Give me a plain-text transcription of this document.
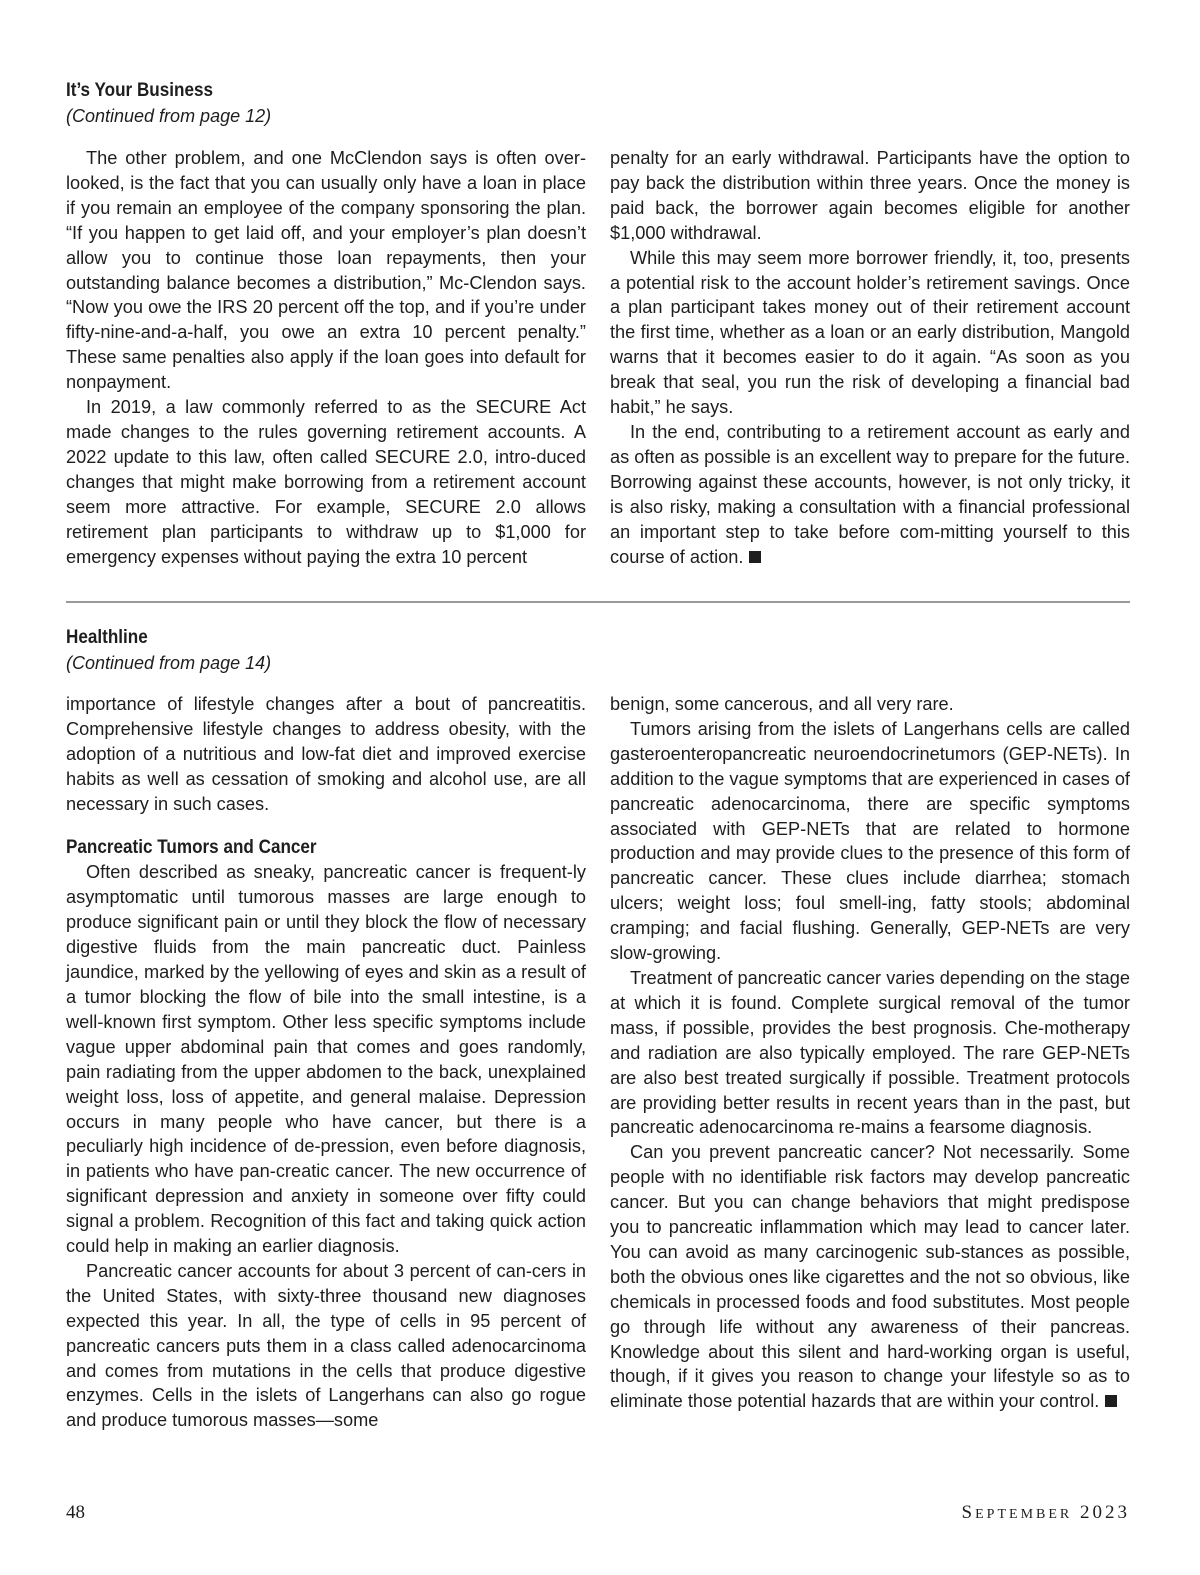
It’s Your Business
(Continued from page 12)

The other problem, and one McClendon says is often over-looked, is the fact that you can usually only have a loan in place if you remain an employee of the company sponsoring the plan. “If you happen to get laid off, and your employer’s plan doesn’t allow you to continue those loan repayments, then your outstanding balance becomes a distribution,” Mc-Clendon says. “Now you owe the IRS 20 percent off the top, and if you’re under fifty-nine-and-a-half, you owe an extra 10 percent penalty.” These same penalties also apply if the loan goes into default for nonpayment.

In 2019, a law commonly referred to as the SECURE Act made changes to the rules governing retirement accounts. A 2022 update to this law, often called SECURE 2.0, intro-duced changes that might make borrowing from a retirement account seem more attractive. For example, SECURE 2.0 allows retirement plan participants to withdraw up to $1,000 for emergency expenses without paying the extra 10 percent

penalty for an early withdrawal. Participants have the option to pay back the distribution within three years. Once the money is paid back, the borrower again becomes eligible for another $1,000 withdrawal.

While this may seem more borrower friendly, it, too, presents a potential risk to the account holder’s retirement savings. Once a plan participant takes money out of their retirement account the first time, whether as a loan or an early distribution, Mangold warns that it becomes easier to do it again. “As soon as you break that seal, you run the risk of developing a financial bad habit,” he says.

In the end, contributing to a retirement account as early and as often as possible is an excellent way to prepare for the future. Borrowing against these accounts, however, is not only tricky, it is also risky, making a consultation with a financial professional an important step to take before com-mitting yourself to this course of action.

Healthline
(Continued from page 14)

importance of lifestyle changes after a bout of pancreatitis. Comprehensive lifestyle changes to address obesity, with the adoption of a nutritious and low-fat diet and improved exercise habits as well as cessation of smoking and alcohol use, are all necessary in such cases.

Pancreatic Tumors and Cancer

Often described as sneaky, pancreatic cancer is frequent-ly asymptomatic until tumorous masses are large enough to produce significant pain or until they block the flow of necessary digestive fluids from the main pancreatic duct. Painless jaundice, marked by the yellowing of eyes and skin as a result of a tumor blocking the flow of bile into the small intestine, is a well-known first symptom. Other less specific symptoms include vague upper abdominal pain that comes and goes randomly, pain radiating from the upper abdomen to the back, unexplained weight loss, loss of appetite, and general malaise. Depression occurs in many people who have cancer, but there is a peculiarly high incidence of de-pression, even before diagnosis, in patients who have pan-creatic cancer. The new occurrence of significant depression and anxiety in someone over fifty could signal a problem. Recognition of this fact and taking quick action could help in making an earlier diagnosis.

Pancreatic cancer accounts for about 3 percent of can-cers in the United States, with sixty-three thousand new diagnoses expected this year. In all, the type of cells in 95 percent of pancreatic cancers puts them in a class called adenocarcinoma and comes from mutations in the cells that produce digestive enzymes. Cells in the islets of Langerhans can also go rogue and produce tumorous masses—some

benign, some cancerous, and all very rare.

Tumors arising from the islets of Langerhans cells are called gasteroenteropancreatic neuroendocrinetumors (GEP-NETs). In addition to the vague symptoms that are experienced in cases of pancreatic adenocarcinoma, there are specific symptoms associated with GEP-NETs that are related to hormone production and may provide clues to the presence of this form of pancreatic cancer. These clues include diarrhea; stomach ulcers; weight loss; foul smell-ing, fatty stools; abdominal cramping; and facial flushing. Generally, GEP-NETs are very slow-growing.

Treatment of pancreatic cancer varies depending on the stage at which it is found. Complete surgical removal of the tumor mass, if possible, provides the best prognosis. Che-motherapy and radiation are also typically employed. The rare GEP-NETs are also best treated surgically if possible. Treatment protocols are providing better results in recent years than in the past, but pancreatic adenocarcinoma re-mains a fearsome diagnosis.

Can you prevent pancreatic cancer? Not necessarily. Some people with no identifiable risk factors may develop pancreatic cancer. But you can change behaviors that might predispose you to pancreatic inflammation which may lead to cancer later. You can avoid as many carcinogenic sub-stances as possible, both the obvious ones like cigarettes and the not so obvious, like chemicals in processed foods and food substitutes. Most people go through life without any awareness of their pancreas. Knowledge about this silent and hard-working organ is useful, though, if it gives you reason to change your lifestyle so as to eliminate those potential hazards that are within your control.

48	SEPTEMBER 2023
